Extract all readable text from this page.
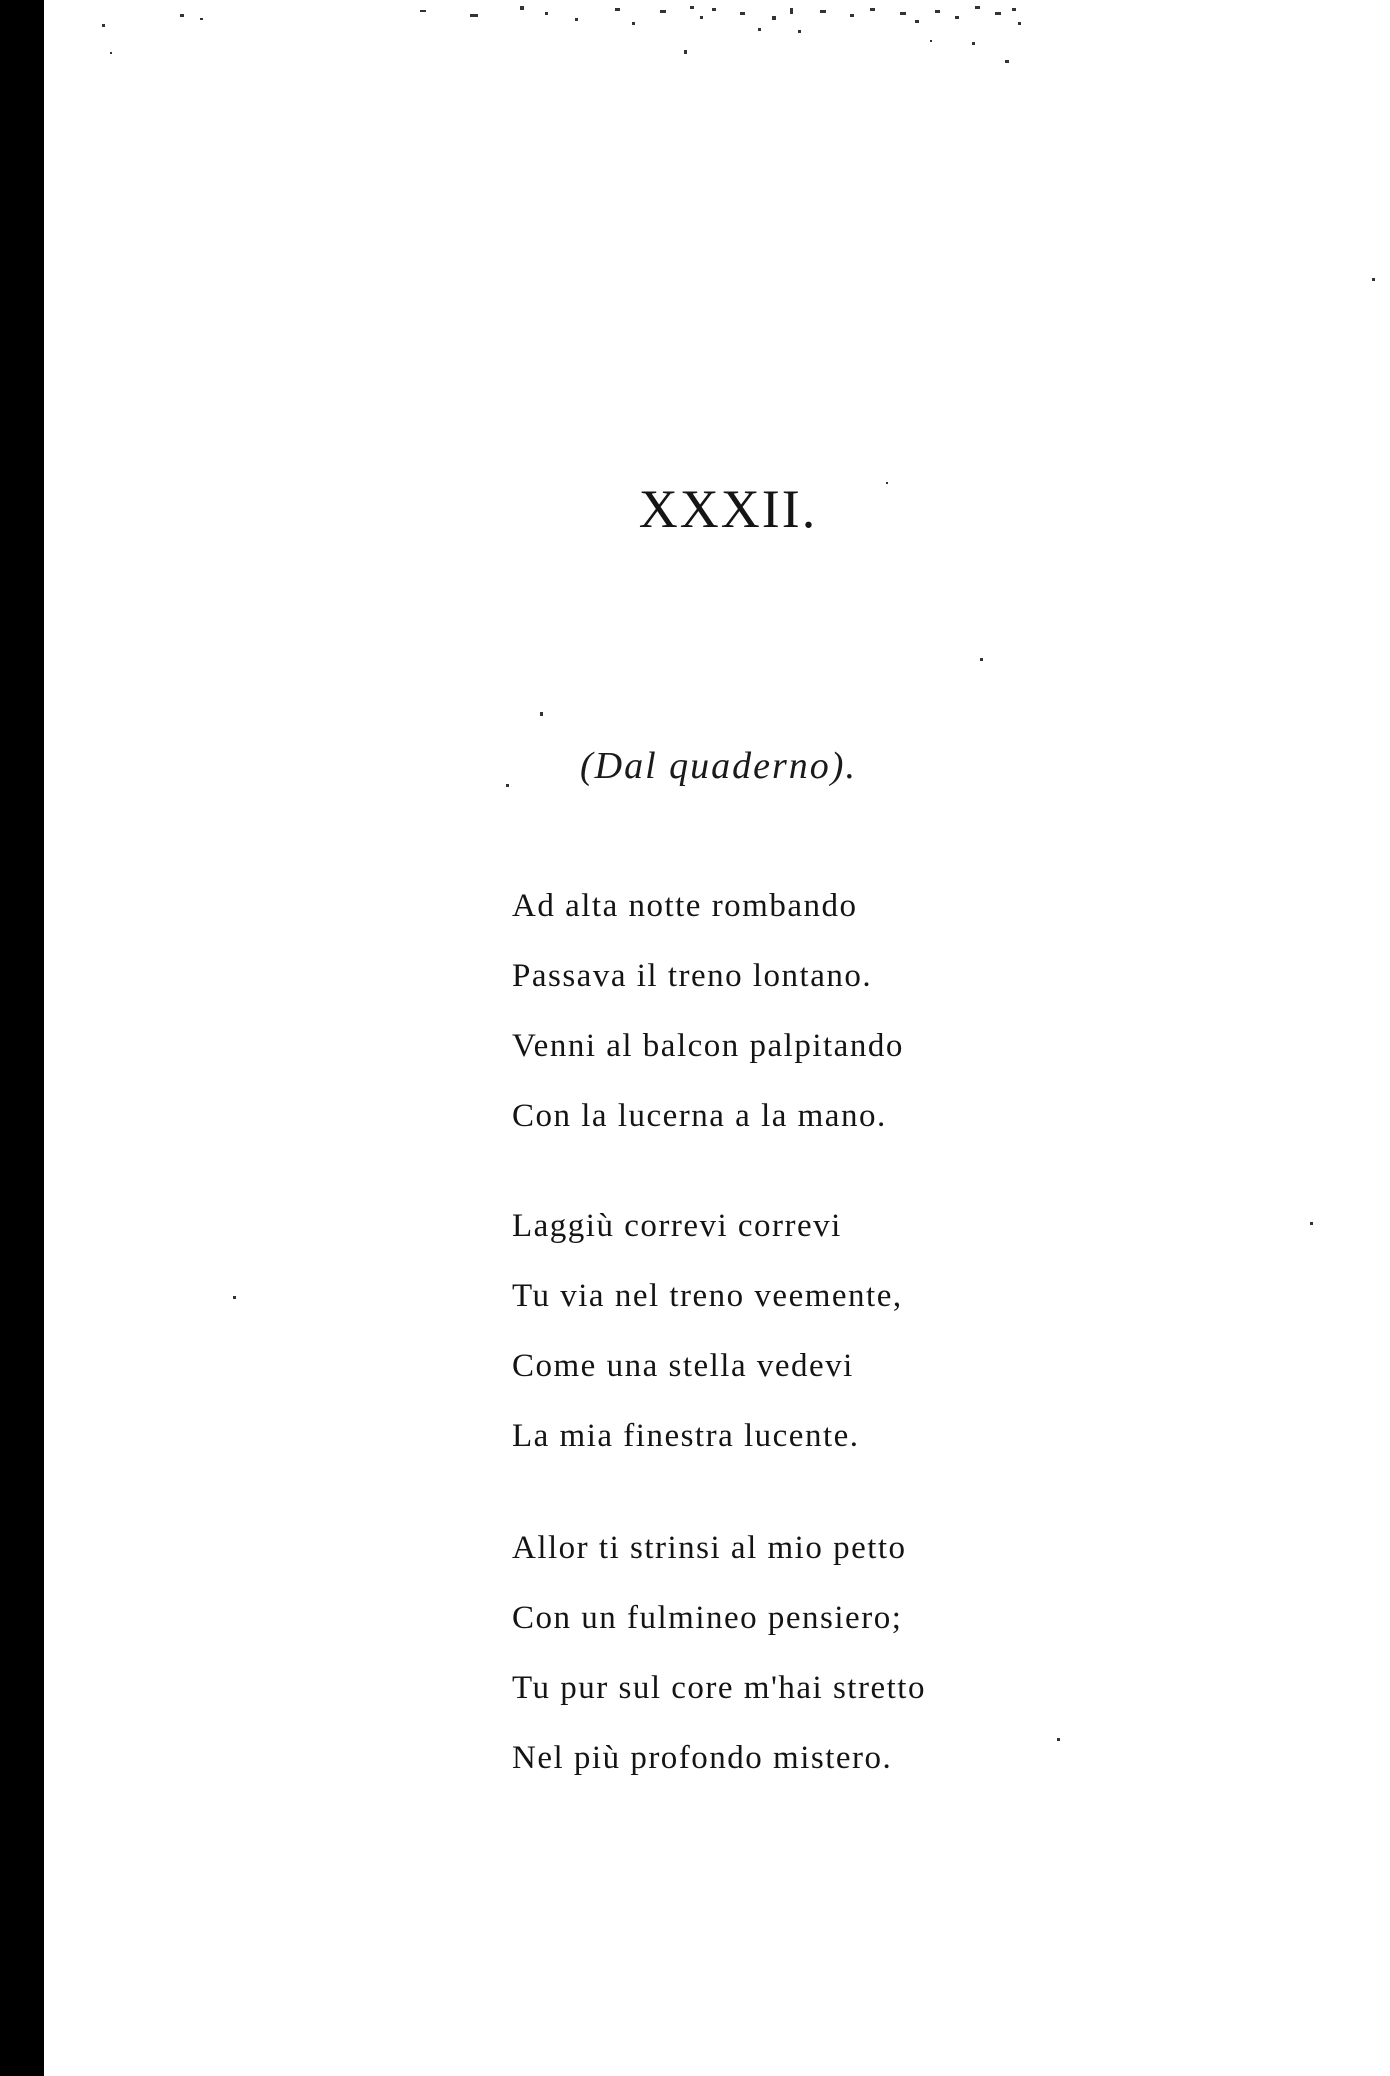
XXXII.
(Dal quaderno).
Ad alta notte rombando
Passava il treno lontano.
Venni al balcon palpitando
Con la lucerna a la mano.
Laggiù correvi correvi
Tu via nel treno veemente,
Come una stella vedevi
La mia finestra lucente.
Allor ti strinsi al mio petto
Con un fulmineo pensiero;
Tu pur sul core m'hai stretto
Nel più profondo mistero.
